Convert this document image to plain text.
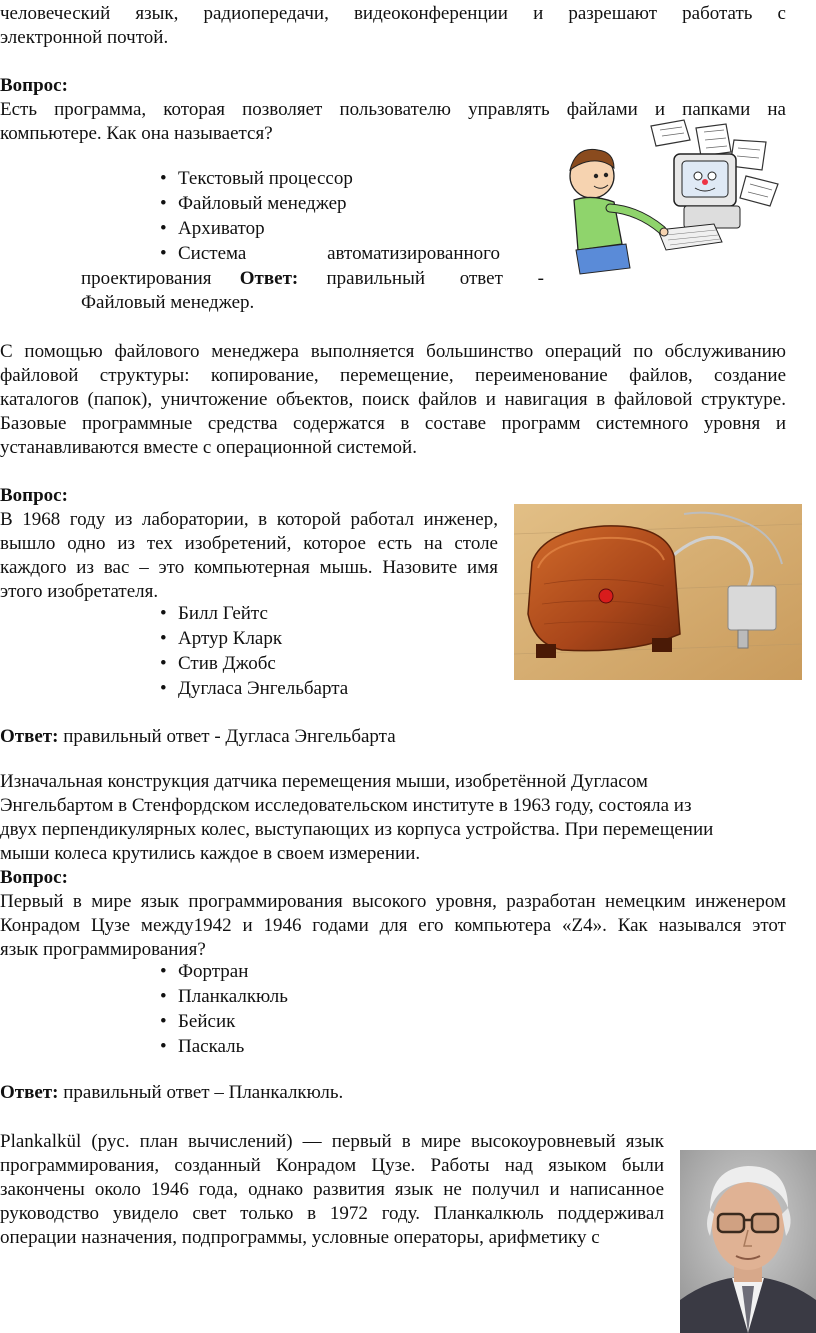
человеческий язык, радиопередачи, видеоконференции и разрешают работать с

электронной почтой.

Вопрос:

Есть программа, которая позволяет пользователю управлять файлами и папками на

компьютере. Как она называется?

• Текстовый процессор
• Файловый менеджер
• Архиватор
• Система                 автоматизированного
проектирования Ответ: правильный ответ -

Файловый менеджер.

С помощью файлового менеджера выполняется большинство операций по обслуживанию

файловой структуры: копирование, перемещение, переименование файлов, создание

каталогов (папок), уничтожение объектов, поиск файлов и навигация в файловой структуре.

Базовые программные средства содержатся в составе программ системного уровня и

устанавливаются вместе с операционной системой.

Вопрос:

В 1968 году из лаборатории, в которой работал инженер,

вышло одно из тех изобретений, которое есть на столе

каждого из вас – это компьютерная мышь. Назовите имя

этого изобретателя.

• Билл Гейтс
• Артур Кларк
• Стив Джобс
• Дугласа Энгельбарта

Ответ: правильный ответ - Дугласа Энгельбарта

Изначальная конструкция датчика перемещения мыши, изобретённой Дугласом

Энгельбартом в Стенфордском исследовательском институте в 1963 году, состояла из

двух перпендикулярных колес, выступающих из корпуса устройства. При перемещении

мыши колеса крутились каждое в своем измерении.

Вопрос:

Первый в мире язык программирования высокого уровня, разработан немецким инженером

Конрадом Цузе между1942 и 1946 годами для его компьютера «Z4». Как назывался этот

язык программирования?

• Фортран
• Планкалкюль
• Бейсик
• Паскаль

Ответ: правильный ответ – Планкалкюль.

Plankalkül (рус. план вычислений) — первый в мире высокоуровневый язык

программирования, созданный Конрадом Цузе. Работы над языком были

закончены около 1946 года, однако развития язык не получил и написанное

руководство увидело свет только в 1972 году. Планкалкюль поддерживал

операции назначения, подпрограммы, условные операторы, арифметику с
